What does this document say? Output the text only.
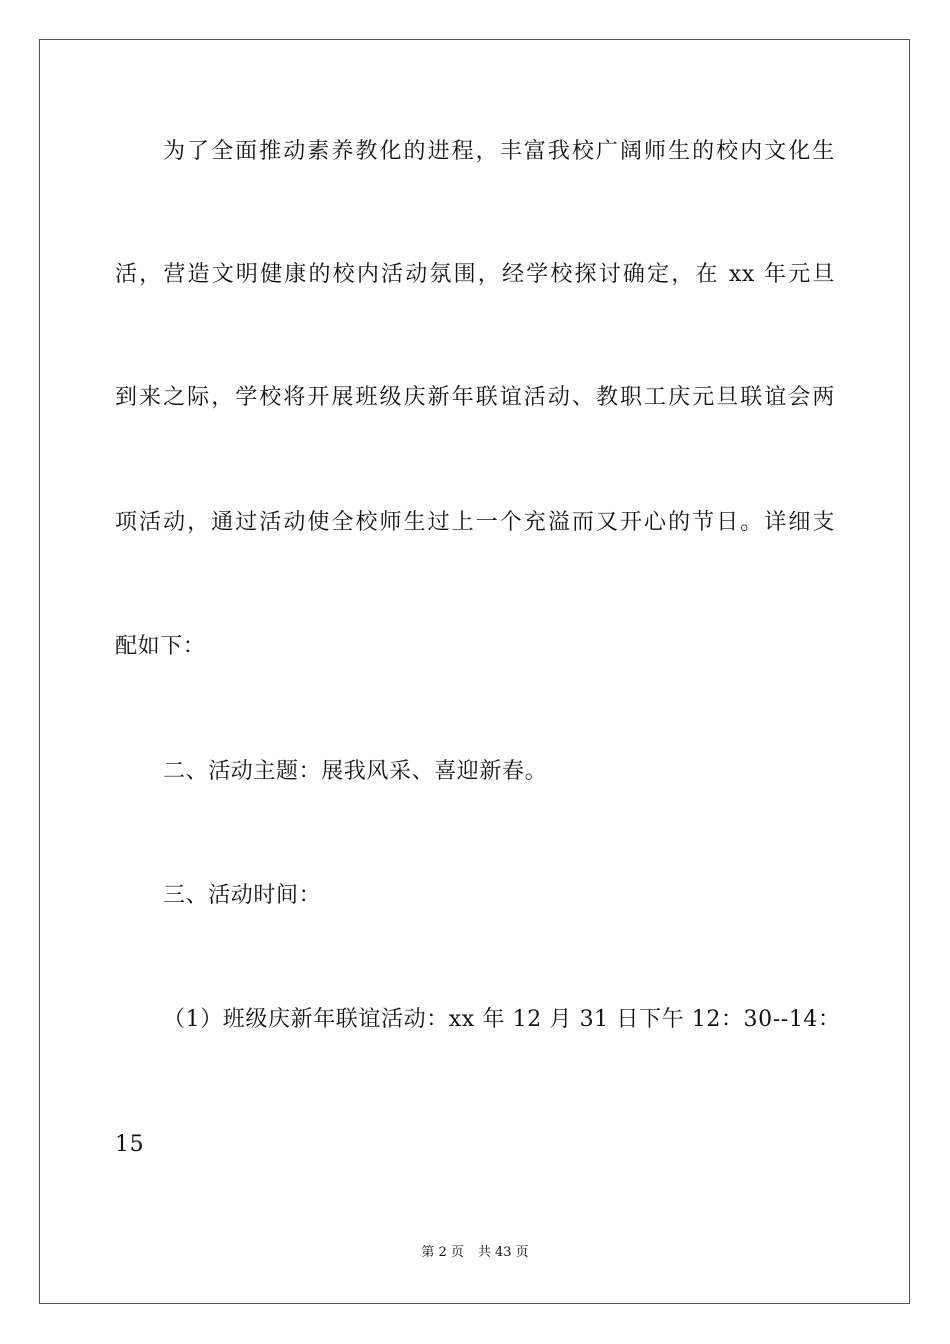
为了全面推动素养教化的进程，丰富我校广阔师生的校内文化生
活，营造文明健康的校内活动氛围，经学校探讨确定，在 xx 年元旦
到来之际，学校将开展班级庆新年联谊活动、教职工庆元旦联谊会两
项活动，通过活动使全校师生过上一个充溢而又开心的节日。详细支
配如下：
二、活动主题：展我风采、喜迎新春。
三、活动时间：
（1）班级庆新年联谊活动：xx 年 12 月 31 日下午 12：30--14：
15
第 2 页 共 43 页
